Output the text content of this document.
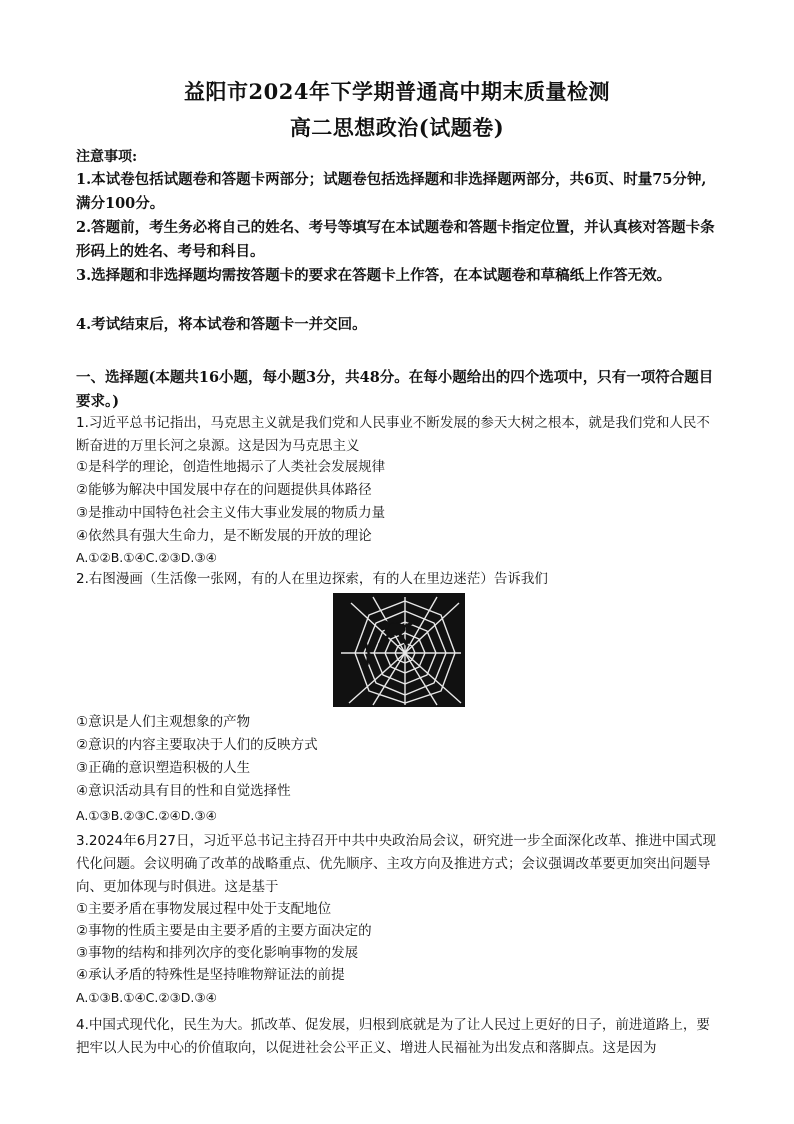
益阳市2024年下学期普通高中期末质量检测
高二思想政治(试题卷)
注意事项:
1.本试卷包括试题卷和答题卡两部分；试题卷包括选择题和非选择题两部分，共6页、时量75分钟,满分100分。
2.答题前，考生务必将自己的姓名、考号等填写在本试题卷和答题卡指定位置，并认真核对答题卡条形码上的姓名、考号和科目。
3.选择题和非选择题均需按答题卡的要求在答题卡上作答，在本试题卷和草稿纸上作答无效。
4.考试结束后，将本试卷和答题卡一并交回。
一、选择题(本题共16小题，每小题3分，共48分。在每小题给出的四个选项中，只有一项符合题目要求。)
1.习近平总书记指出，马克思主义就是我们党和人民事业不断发展的参天大树之根本，就是我们党和人民不断奋进的万里长河之泉源。这是因为马克思主义
①是科学的理论，创造性地揭示了人类社会发展规律
②能够为解决中国发展中存在的问题提供具体路径
③是推动中国特色社会主义伟大事业发展的物质力量
④依然具有强大生命力，是不断发展的开放的理论
A.①②B.①④C.②③D.③④
2.右图漫画（生活像一张网，有的人在里边探索，有的人在里边迷茫）告诉我们
①意识是人们主观想象的产物
②意识的内容主要取决于人们的反映方式
③正确的意识塑造积极的人生
④意识活动具有目的性和自觉选择性
A.①③B.②③C.②④D.③④
3.2024年6月27日，习近平总书记主持召开中共中央政治局会议，研究进一步全面深化改革、推进中国式现代化问题。会议明确了改革的战略重点、优先顺序、主攻方向及推进方式；会议强调改革要更加突出问题导向、更加体现与时俱进。这是基于
①主要矛盾在事物发展过程中处于支配地位
②事物的性质主要是由主要矛盾的主要方面决定的
③事物的结构和排列次序的变化影响事物的发展
④承认矛盾的特殊性是坚持唯物辩证法的前提
A.①③B.①④C.②③D.③④
4.中国式现代化，民生为大。抓改革、促发展，归根到底就是为了让人民过上更好的日子，前进道路上，要把牢以人民为中心的价值取向，以促进社会公平正义、增进人民福祉为出发点和落脚点。这是因为
